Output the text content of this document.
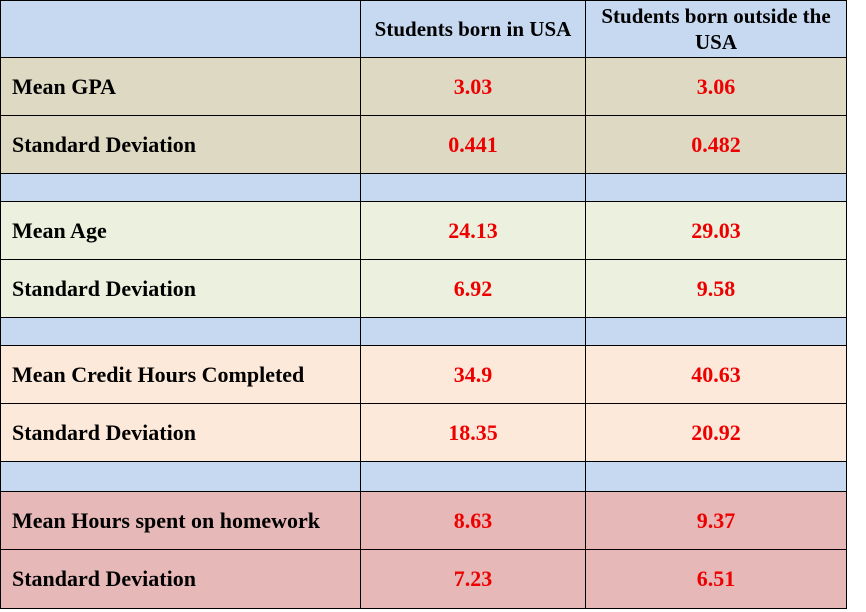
	Students born in USA	Students born outside the USA
Mean GPA	3.03	3.06
Standard Deviation	0.441	0.482

Mean Age	24.13	29.03
Standard Deviation	6.92	9.58

Mean Credit Hours Completed	34.9	40.63
Standard Deviation	18.35	20.92

Mean Hours spent on homework	8.63	9.37
Standard Deviation	7.23	6.51
